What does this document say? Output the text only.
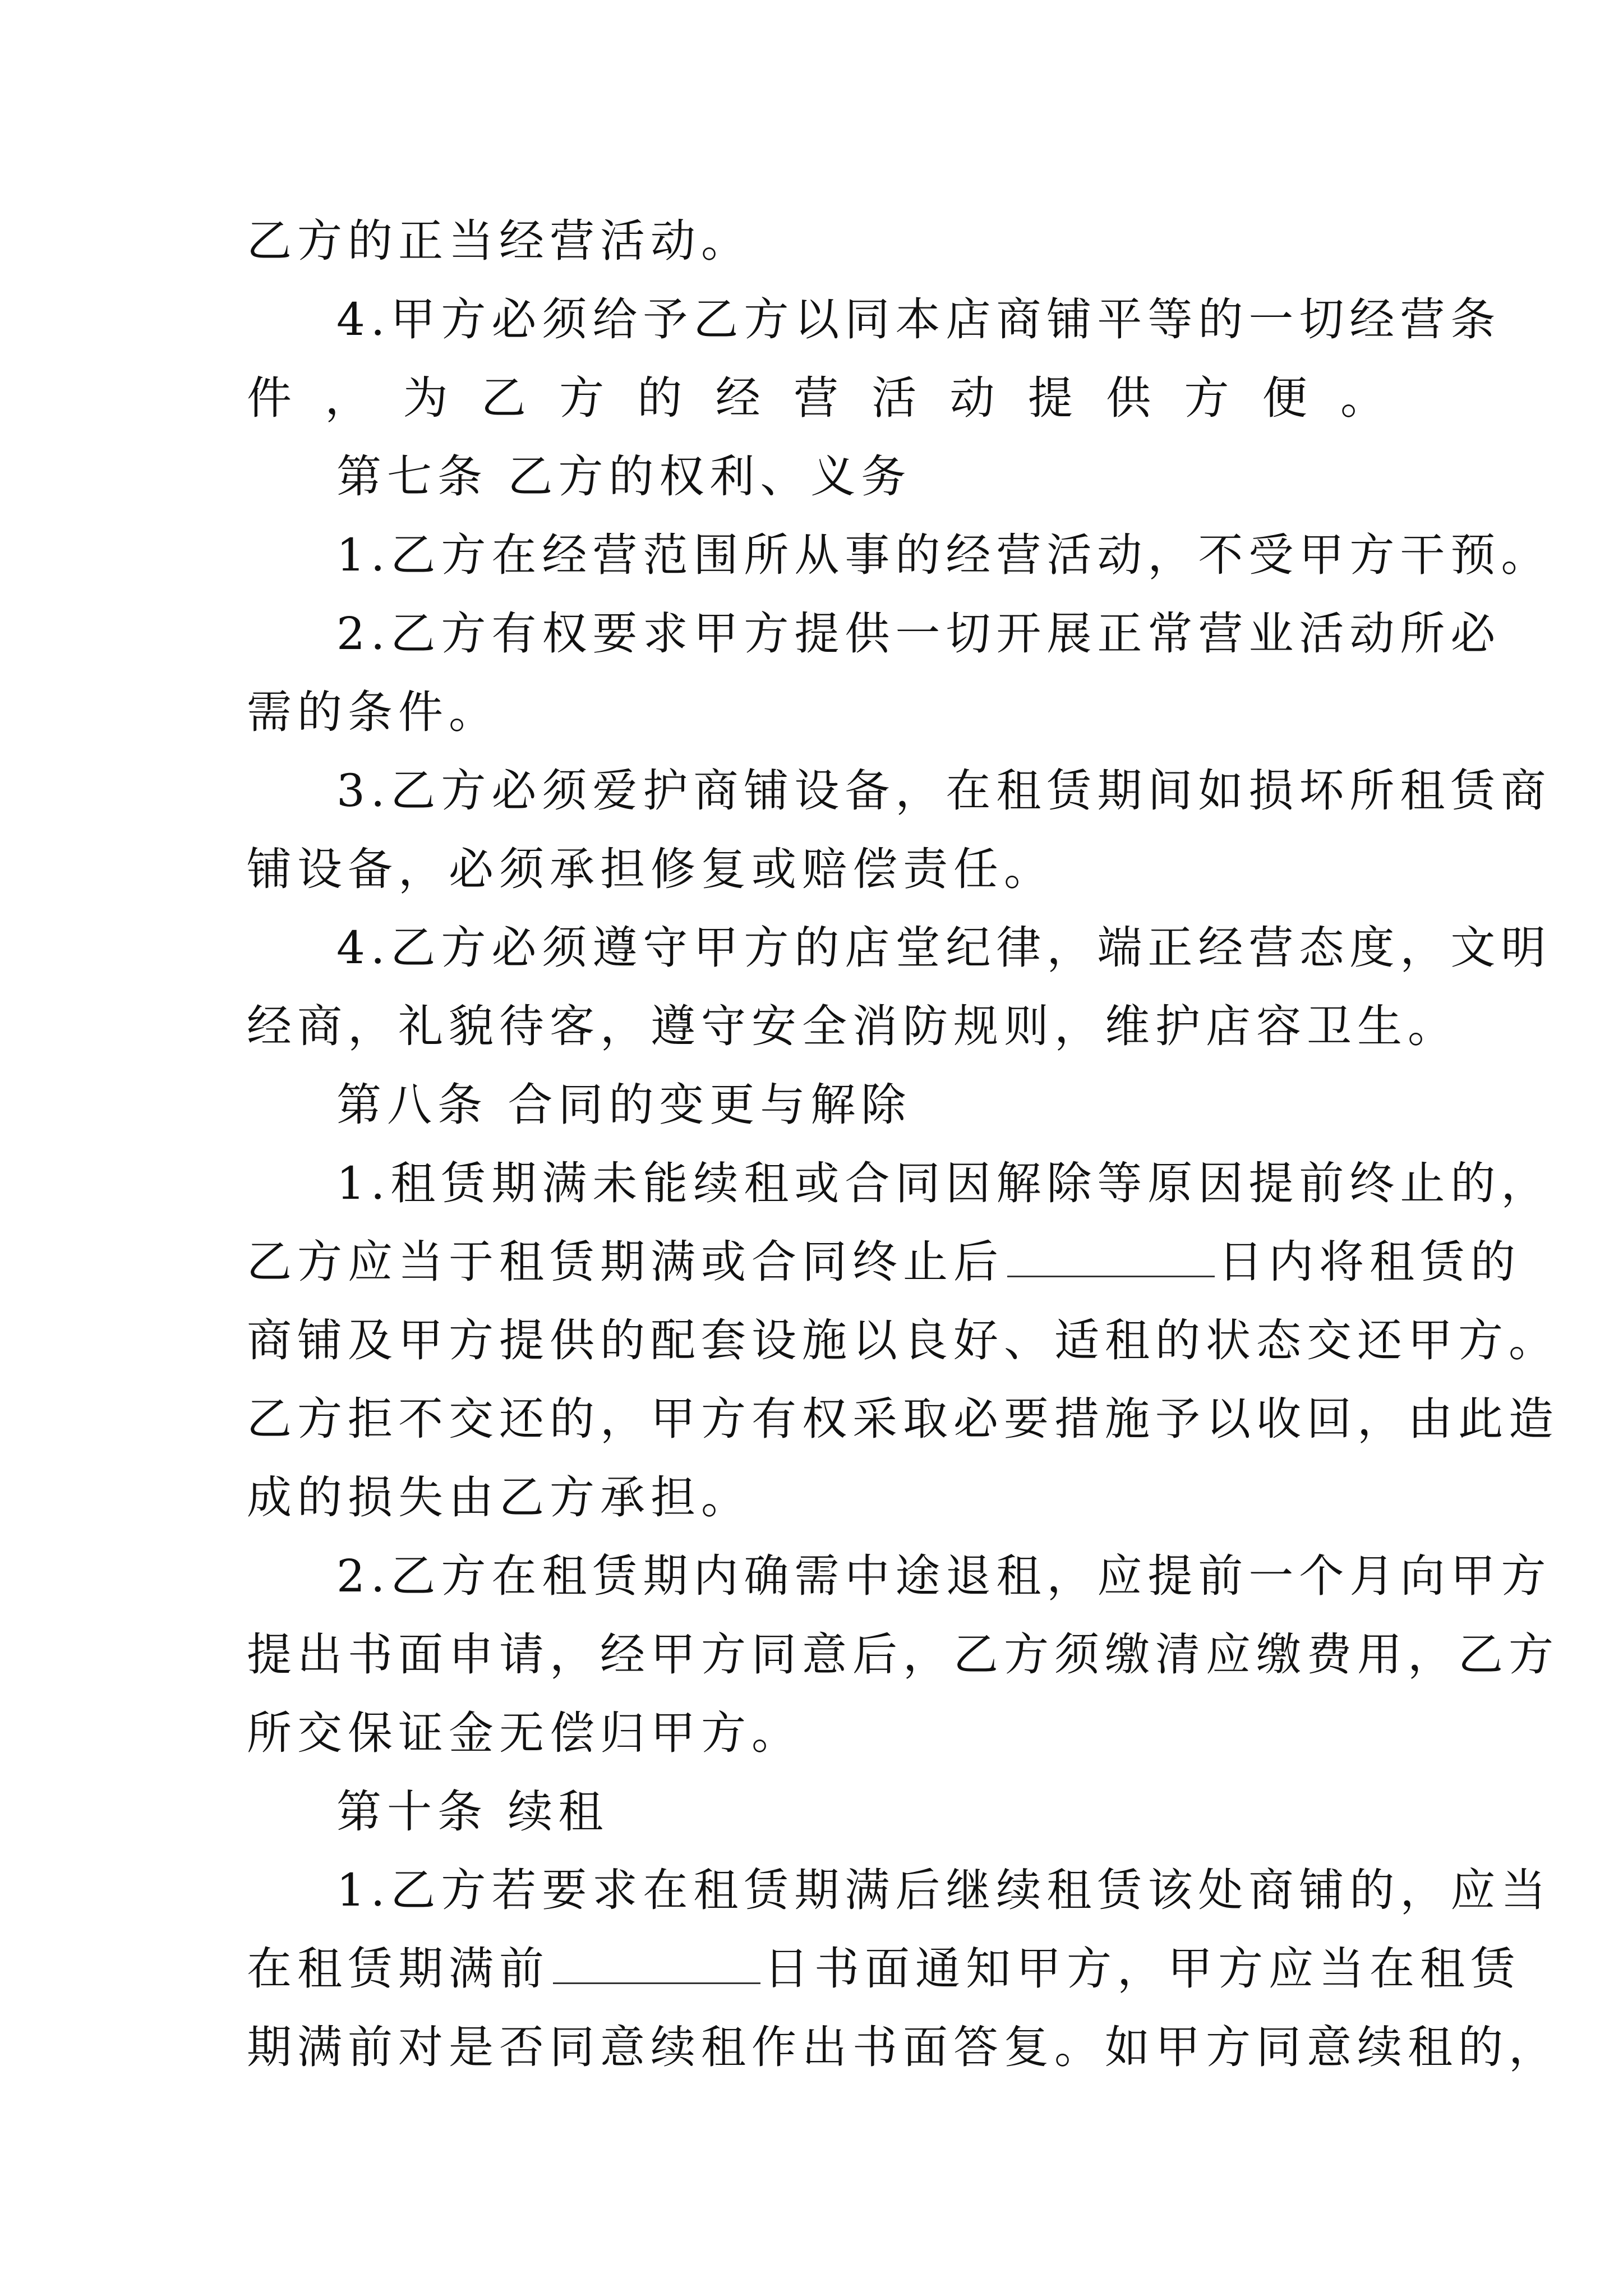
乙方的正当经营活动。
4.甲方必须给予乙方以同本店商铺平等的一切经营条
件，为乙方的经营活动提供方便。
第七条 乙方的权利、义务
1.乙方在经营范围所从事的经营活动，不受甲方干预。
2.乙方有权要求甲方提供一切开展正常营业活动所必
需的条件。
3.乙方必须爱护商铺设备，在租赁期间如损坏所租赁商
铺设备，必须承担修复或赔偿责任。
4.乙方必须遵守甲方的店堂纪律，端正经营态度，文明
经商，礼貌待客，遵守安全消防规则，维护店容卫生。
第八条 合同的变更与解除
1.租赁期满未能续租或合同因解除等原因提前终止的，
乙方应当于租赁期满或合同终止后	日内将租赁的
商铺及甲方提供的配套设施以良好、适租的状态交还甲方。
乙方拒不交还的，甲方有权采取必要措施予以收回，由此造
成的损失由乙方承担。
2.乙方在租赁期内确需中途退租，应提前一个月向甲方
提出书面申请，经甲方同意后，乙方须缴清应缴费用，乙方
所交保证金无偿归甲方。
第十条 续租
1.乙方若要求在租赁期满后继续租赁该处商铺的，应当
在租赁期满前	日书面通知甲方，甲方应当在租赁
期满前对是否同意续租作出书面答复。如甲方同意续租的，
